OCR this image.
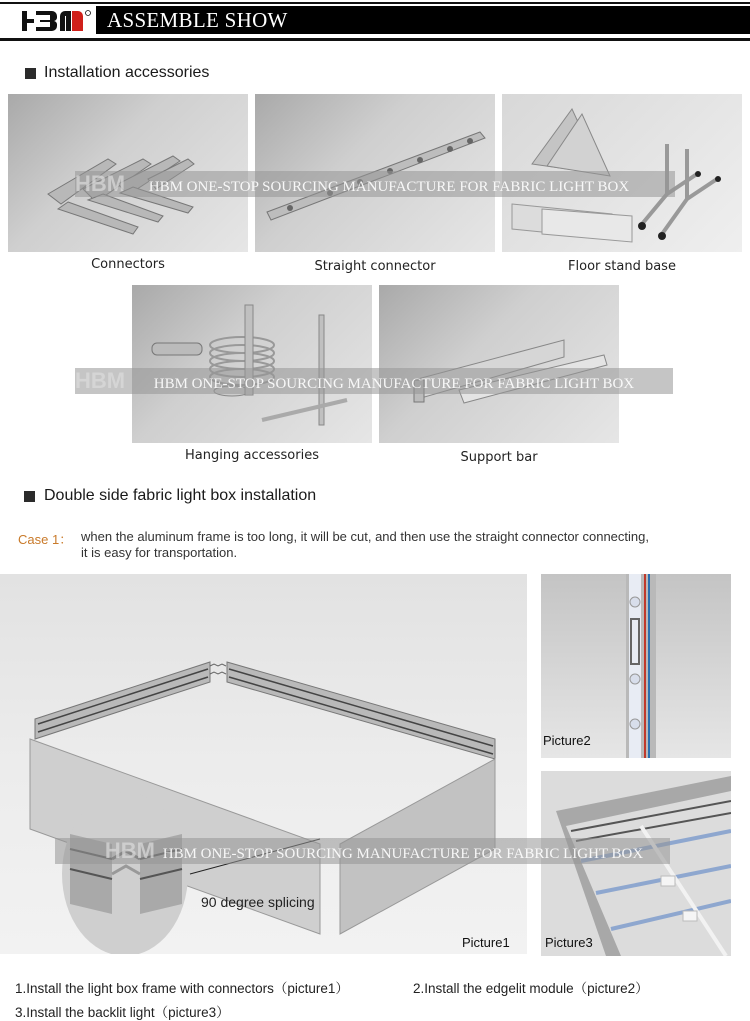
ASSEMBLE SHOW
Installation accessories
Connectors	Straight connector	Floor stand base
HBM HBM ONE-STOP SOURCING MANUFACTURE FOR FABRIC LIGHT BOX
Hanging accessories	Support bar
HBM HBM ONE-STOP SOURCING MANUFACTURE FOR FABRIC LIGHT BOX
Double side fabric light box installation
Case 1： when the aluminum frame is too long, it will be cut, and then use the straight connector connecting,
it is easy for transportation.
90 degree splicing
Picture1
Picture2
Picture3
HBM HBM ONE-STOP SOURCING MANUFACTURE FOR FABRIC LIGHT BOX
1.Install the light box frame with connectors（picture1）	2.Install the edgelit module（picture2）
3.Install the backlit light（picture3）
